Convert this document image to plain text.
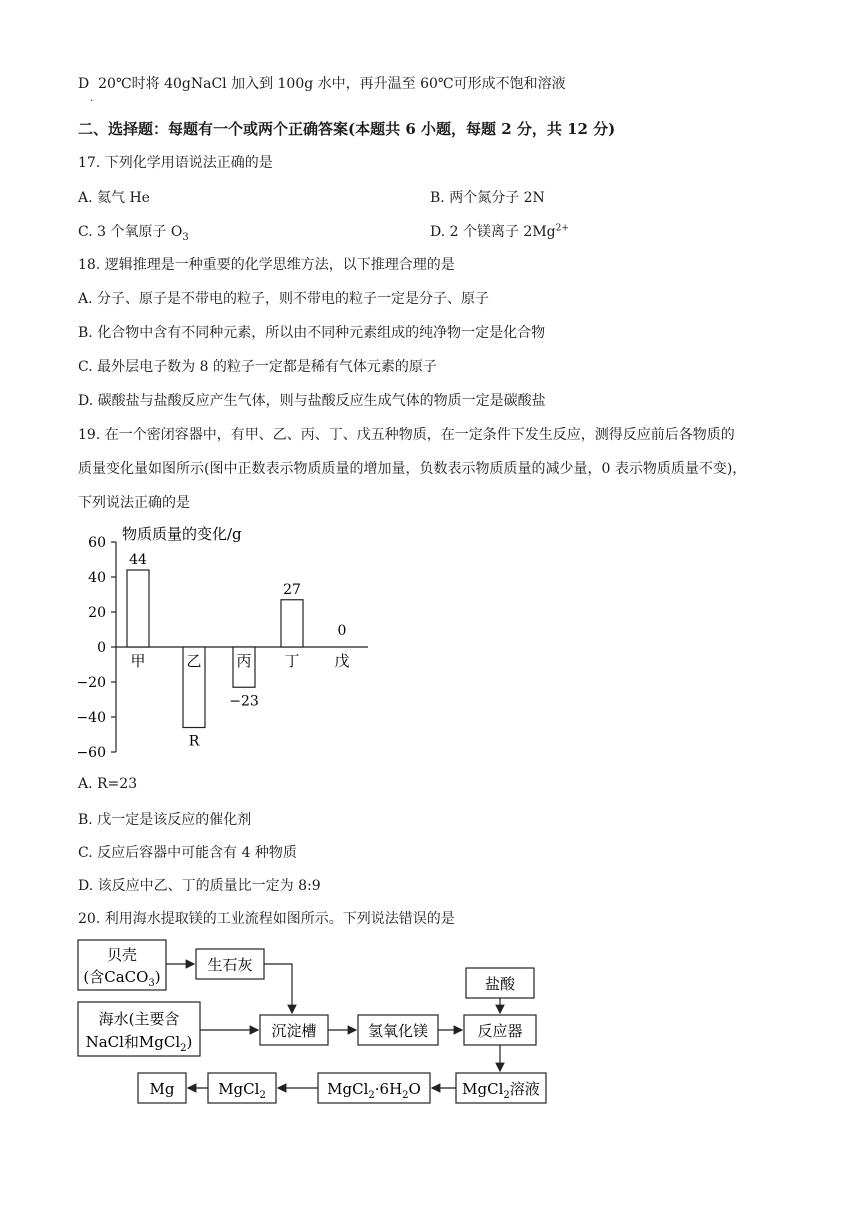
D 20℃时将 40gNaCl 加入到 100g 水中，再升温至 60℃可形成不饱和溶液
.
二、选择题：每题有一个或两个正确答案(本题共 6 小题，每题 2 分，共 12 分)
17. 下列化学用语说法正确的是
A. 氦气 He	B. 两个氮分子 2N
C. 3 个氧原子 $O_3$	D. 2 个镁离子 $2Mg^{2+}$
18. 逻辑推理是一种重要的化学思维方法，以下推理合理的是
A. 分子、原子是不带电的粒子，则不带电的粒子一定是分子、原子
B. 化合物中含有不同种元素，所以由不同种元素组成的纯净物一定是化合物
C. 最外层电子数为 8 的粒子一定都是稀有气体元素的原子
D. 碳酸盐与盐酸反应产生气体，则与盐酸反应生成气体的物质一定是碳酸盐
19. 在一个密闭容器中，有甲、乙、丙、丁、戊五种物质，在一定条件下发生反应，测得反应前后各物质的
质量变化量如图所示(图中正数表示物质质量的增加量，负数表示物质质量的减少量，0 表示物质质量不变)，
下列说法正确的是
物质质量的变化/g
60
40
20
0
−20
−40
−60
甲	乙 丙 丁 戊
44
R
−23
27
0
A. R=23
B. 戊一定是该反应的催化剂
C. 反应后容器中可能含有 4 种物质
D. 该反应中乙、丁的质量比一定为 8:9
20. 利用海水提取镁的工业流程如图所示。下列说法错误的是
贝壳
(含CaCO$_3$)
生石灰
海水(主要含
NaCl和MgCl$_2$)
沉淀槽	氢氧化镁
盐酸
反应器
MgCl$_2$溶液
$MgCl_2\cdot 6H_2O$
MgCl$_2$
Mg
